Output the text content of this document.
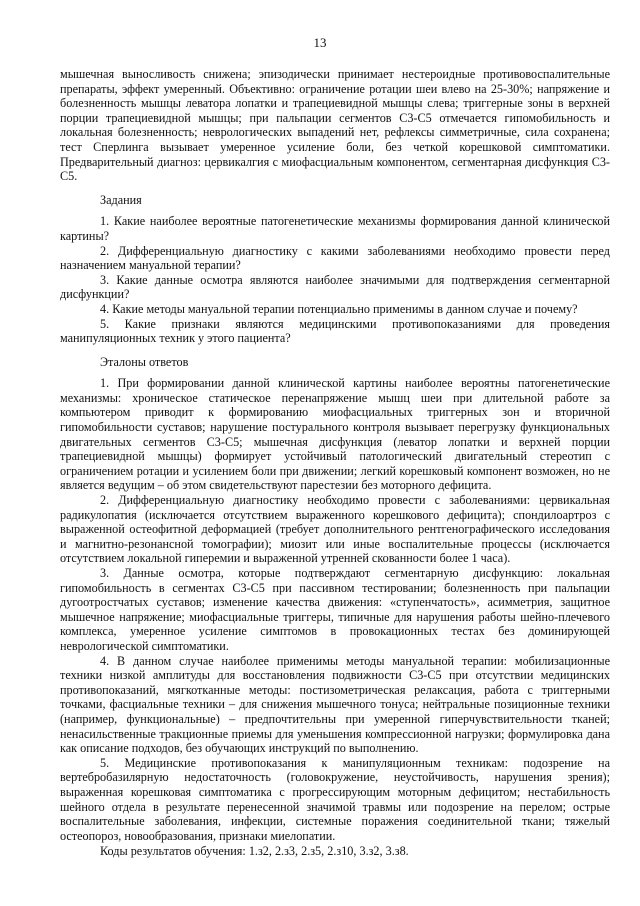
13

мышечная выносливость снижена; эпизодически принимает нестероидные противовоспалительные препараты, эффект умеренный. Объективно: ограничение ротации шеи влево на 25-30%; напряжение и болезненность мышцы леватора лопатки и трапециевидной мышцы слева; триггерные зоны в верхней порции трапециевидной мышцы; при пальпации сегментов С3-С5 отмечается гипомобильность и локальная болезненность; неврологических выпадений нет, рефлексы симметричные, сила сохранена; тест Сперлинга вызывает умеренное усиление боли, без четкой корешковой симптоматики. Предварительный диагноз: цервикалгия с миофасциальным компонентом, сегментарная дисфункция С3-С5.

Задания

1. Какие наиболее вероятные патогенетические механизмы формирования данной клинической картины?

2. Дифференциальную диагностику с какими заболеваниями необходимо провести перед назначением мануальной терапии?

3. Какие данные осмотра являются наиболее значимыми для подтверждения сегментарной дисфункции?

4. Какие методы мануальной терапии потенциально применимы в данном случае и почему?

5. Какие признаки являются медицинскими противопоказаниями для проведения манипуляционных техник у этого пациента?

Эталоны ответов

1. При формировании данной клинической картины наиболее вероятны патогенетические механизмы: хроническое статическое перенапряжение мышц шеи при длительной работе за компьютером приводит к формированию миофасциальных триггерных зон и вторичной гипомобильности суставов; нарушение постурального контроля вызывает перегрузку функциональных двигательных сегментов С3-С5; мышечная дисфункция (леватор лопатки и верхней порции трапециевидной мышцы) формирует устойчивый патологический двигательный стереотип с ограничением ротации и усилением боли при движении; легкий корешковый компонент возможен, но не является ведущим – об этом свидетельствуют парестезии без моторного дефицита.

2. Дифференциальную диагностику необходимо провести с заболеваниями: цервикальная радикулопатия (исключается отсутствием выраженного корешкового дефицита); спондилоартроз с выраженной остеофитной деформацией (требует дополнительного рентгенографического исследования и магнитно-резонансной томографии); миозит или иные воспалительные процессы (исключается отсутствием локальной гиперемии и выраженной утренней скованности более 1 часа).

3. Данные осмотра, которые подтверждают сегментарную дисфункцию: локальная гипомобильность в сегментах С3-С5 при пассивном тестировании; болезненность при пальпации дугоотростчатых суставов; изменение качества движения: «ступенчатость», асимметрия, защитное мышечное напряжение; миофасциальные триггеры, типичные для нарушения работы шейно-плечевого комплекса, умеренное усиление симптомов в провокационных тестах без доминирующей неврологической симптоматики.

4. В данном случае наиболее применимы методы мануальной терапии: мобилизационные техники низкой амплитуды для восстановления подвижности С3-С5 при отсутствии медицинских противопоказаний, мягкотканные методы: постизометрическая релаксация, работа с триггерными точками, фасциальные техники – для снижения мышечного тонуса; нейтральные позиционные техники (например, функциональные) – предпочтительны при умеренной гиперчувствительности тканей; ненасильственные тракционные приемы для уменьшения компрессионной нагрузки; формулировка дана как описание подходов, без обучающих инструкций по выполнению.

5. Медицинские противопоказания к манипуляционным техникам: подозрение на вертебробазилярную недостаточность (головокружение, неустойчивость, нарушения зрения); выраженная корешковая симптоматика с прогрессирующим моторным дефицитом; нестабильность шейного отдела в результате перенесенной значимой травмы или подозрение на перелом; острые воспалительные заболевания, инфекции, системные поражения соединительной ткани; тяжелый остеопороз, новообразования, признаки миелопатии.

Коды результатов обучения: 1.з2, 2.з3, 2.з5, 2.з10, 3.з2, 3.з8.
